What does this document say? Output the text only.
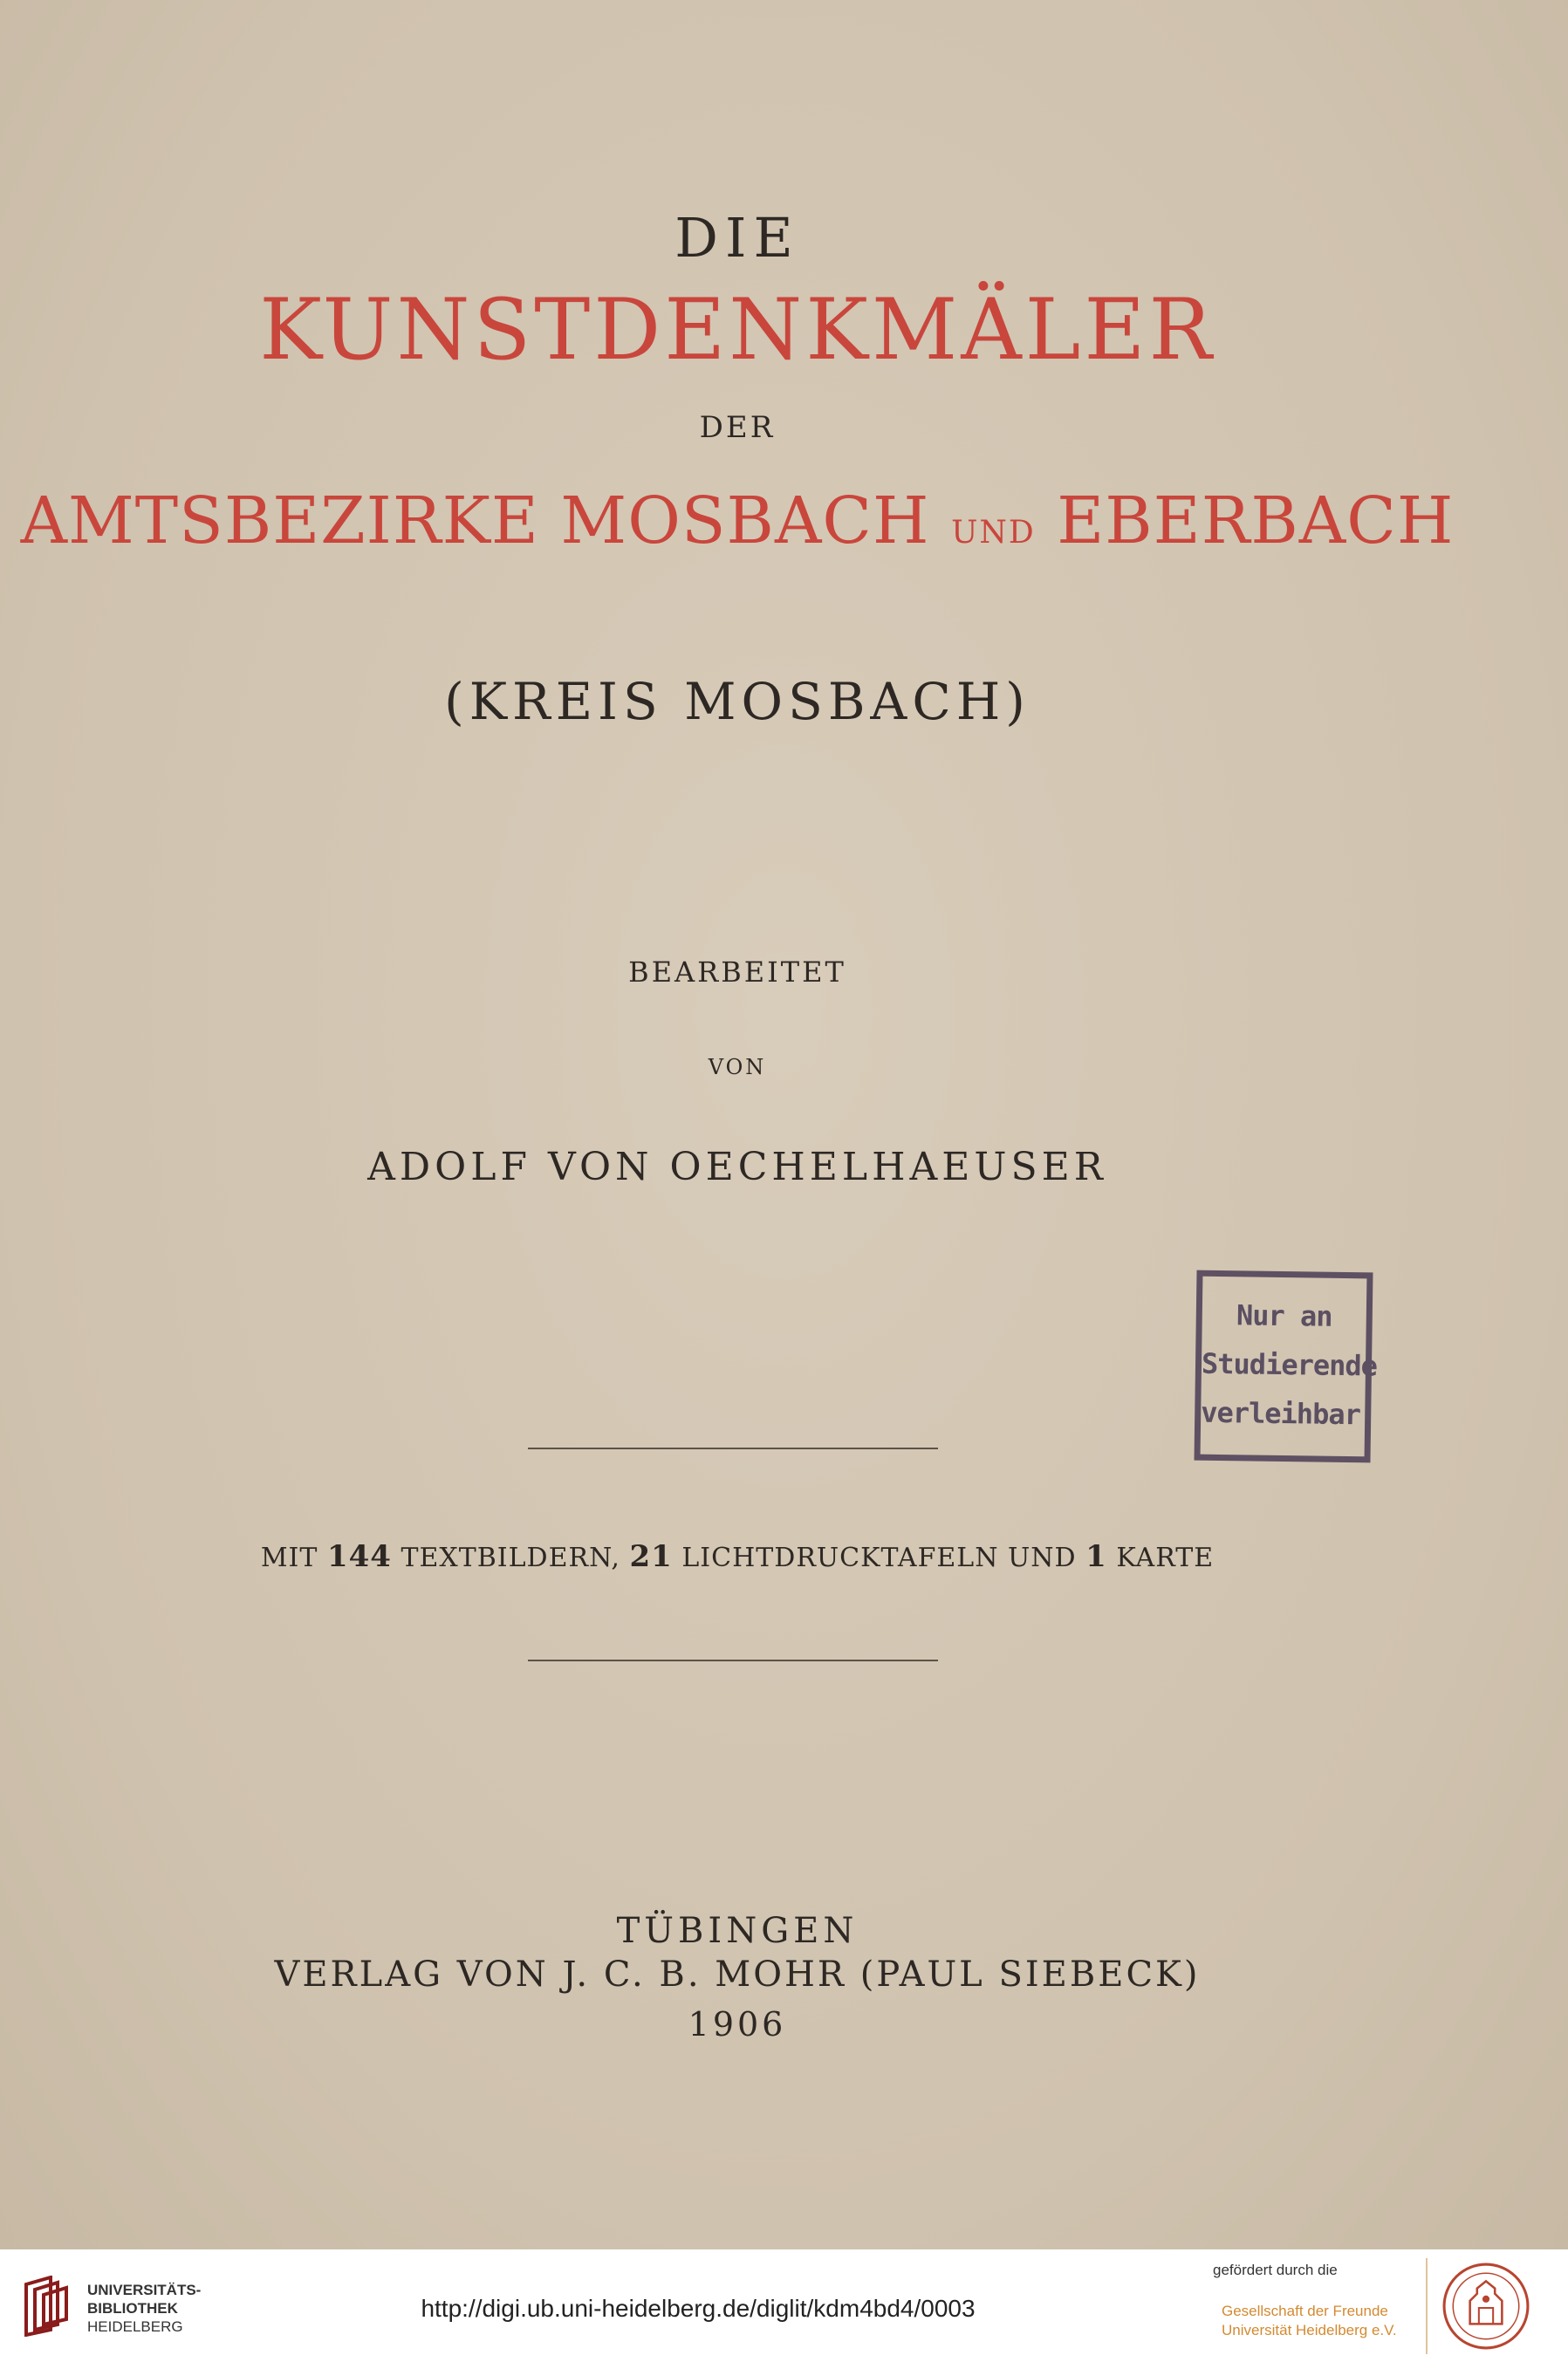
DIE
KUNSTDENKMÄLER
DER
AMTSBEZIRKE MOSBACH UND EBERBACH
(KREIS MOSBACH)
BEARBEITET
VON
ADOLF VON OECHELHAEUSER
Nur an
Studierende
verleihbar.
MIT 144 TEXTBILDERN, 21 LICHTDRUCKTAFELN UND 1 KARTE
TÜBINGEN
VERLAG VON J. C. B. MOHR (PAUL SIEBECK)
1906
UNIVERSITÄTS-
BIBLIOTHEK
HEIDELBERG
http://digi.ub.uni-heidelberg.de/diglit/kdm4bd4/0003
gefördert durch die
Gesellschaft der Freunde
Universität Heidelberg e.V.
